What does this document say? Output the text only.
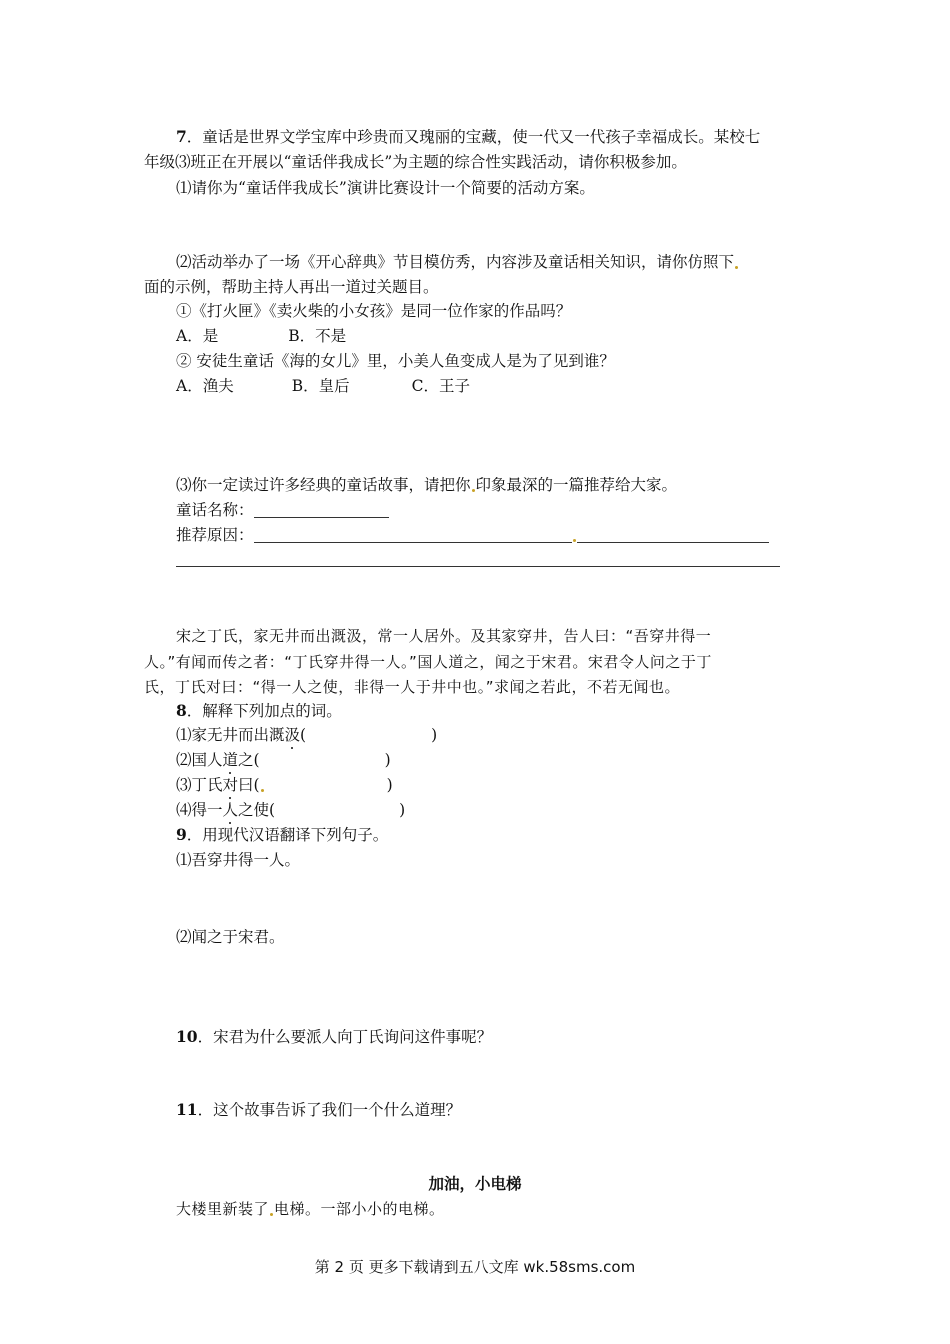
7．童话是世界文学宝库中珍贵而又瑰丽的宝藏，使一代又一代孩子幸福成长。某校七
年级⑶班正在开展以“童话伴我成长”为主题的综合性实践活动，请你积极参加。
⑴请你为“童话伴我成长”演讲比赛设计一个简要的活动方案。
⑵活动举办了一场《开心辞典》节目模仿秀，内容涉及童话相关知识，请你仿照下
面的示例，帮助主持人再出一道过关题目。
①《打火匣》《卖火柴的小女孩》是同一位作家的作品吗？
A．是	B．不是
② 安徒生童话《海的女儿》里，小美人鱼变成人是为了见到谁？
A．渔夫	B．皇后	C．王子
⑶你一定读过许多经典的童话故事，请把你 印象最深的一篇推荐给大家。
童话名称：
推荐原因：
宋之丁氏，家无井而出溉汲，常一人居外。及其家穿井，告人曰：“吾穿井得一
人。”有闻而传之者：“丁氏穿井得一人。”国人道之，闻之于宋君。宋君令人问之于丁
氏，丁氏对曰：“得一人之使，非得一人于井中也。”求闻之若此，不若无闻也。
8．解释下列加点的词。
⑴家无井而出溉汲(	)
⑵国人道之(	)
⑶丁氏对曰(	)
⑷得一人之使(	)
9．用现代汉语翻译下列句子。
⑴吾穿井得一人。
⑵闻之于宋君。
10．宋君为什么要派人向丁氏询问这件事呢？
11．这个故事告诉了我们一个什么道理？
加油，小电梯
大楼里新装了 电梯。一部小小的电梯。
第 2 页 更多下载请到五八文库 wk.58sms.com
